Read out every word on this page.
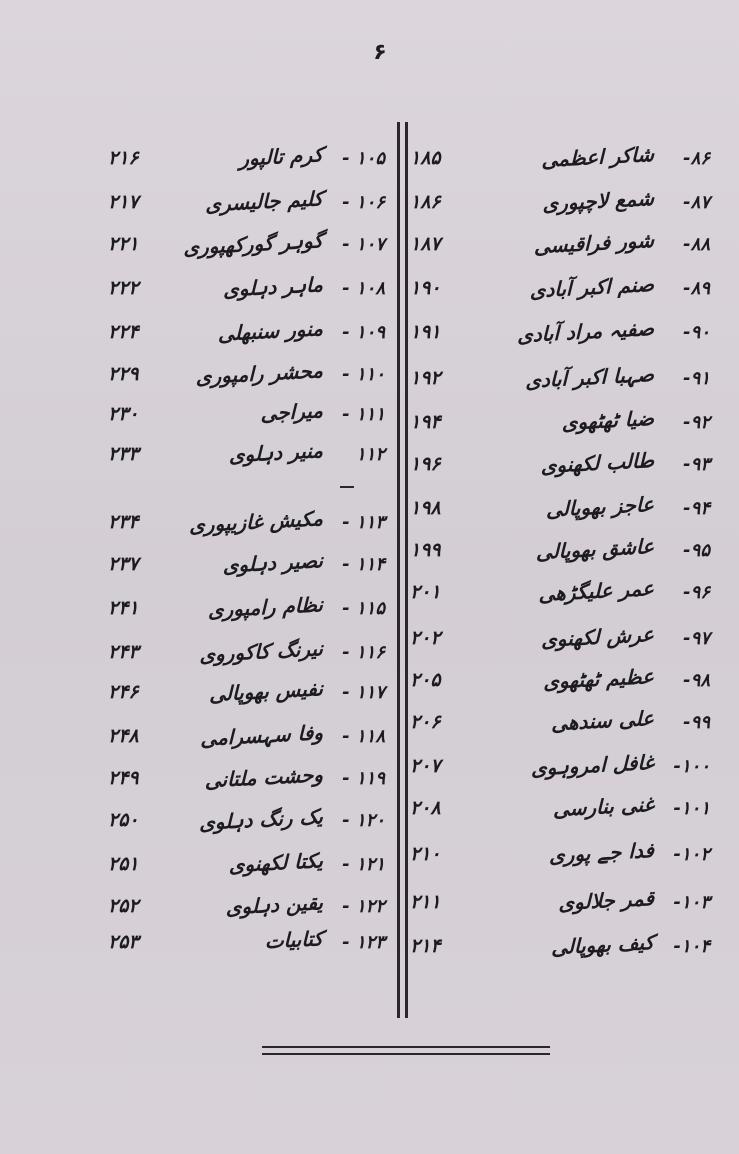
۶
۸۶-
شاکر اعظمی
۱۸۵
۸۷-
شمع لاچپوری
۱۸۶
۸۸-
شور فراقیسی
۱۸۷
۸۹-
صنم اکبر آبادی
۱۹۰
۹۰-
صفیہ مراد آبادی
۱۹۱
۹۱-
صہبا اکبر آبادی
۱۹۲
۹۲-
ضیا ٹھٹھوی
۱۹۴
۹۳-
طالب لکھنوی
۱۹۶
۹۴-
عاجز بھوپالی
۱۹۸
۹۵-
عاشق بھوپالی
۱۹۹
۹۶-
عمر علیگڑھی
۲۰۱
۹۷-
عرش لکھنوی
۲۰۲
۹۸-
عظیم ٹھٹھوی
۲۰۵
۹۹-
علی سندھی
۲۰۶
۱۰۰-
غافل امروہوی
۲۰۷
۱۰۱-
غنی بنارسی
۲۰۸
۱۰۲-
فدا جے پوری
۲۱۰
۱۰۳-
قمر جلالوی
۲۱۱
۱۰۴-
کیف بھوپالی
۲۱۴
۱۰۵ -
کرم تالپور
۲۱۶
۱۰۶ -
کلیم جالیسری
۲۱۷
۱۰۷ -
گوہر گورکھپوری
۲۲۱
۱۰۸ -
ماہر دہلوی
۲۲۲
۱۰۹ -
منور سنبھلی
۲۲۴
۱۱۰ -
محشر رامپوری
۲۲۹
۱۱۱ -
میراجی
۲۳۰
۱۱۲
منیر دہلوی
۲۳۳
۱۱۳ -
مکیش غازیپوری
۲۳۴
۱۱۴ -
نصیر دہلوی
۲۳۷
۱۱۵ -
نظام رامپوری
۲۴۱
۱۱۶ -
نیرنگ کاکوروی
۲۴۳
۱۱۷ -
نفیس بھوپالی
۲۴۶
۱۱۸ -
وفا سہسرامی
۲۴۸
۱۱۹ -
وحشت ملتانی
۲۴۹
۱۲۰ -
یک رنگ دہلوی
۲۵۰
۱۲۱ -
یکتا لکھنوی
۲۵۱
۱۲۲ -
یقین دہلوی
۲۵۲
۱۲۳ -
کتابیات
۲۵۳
